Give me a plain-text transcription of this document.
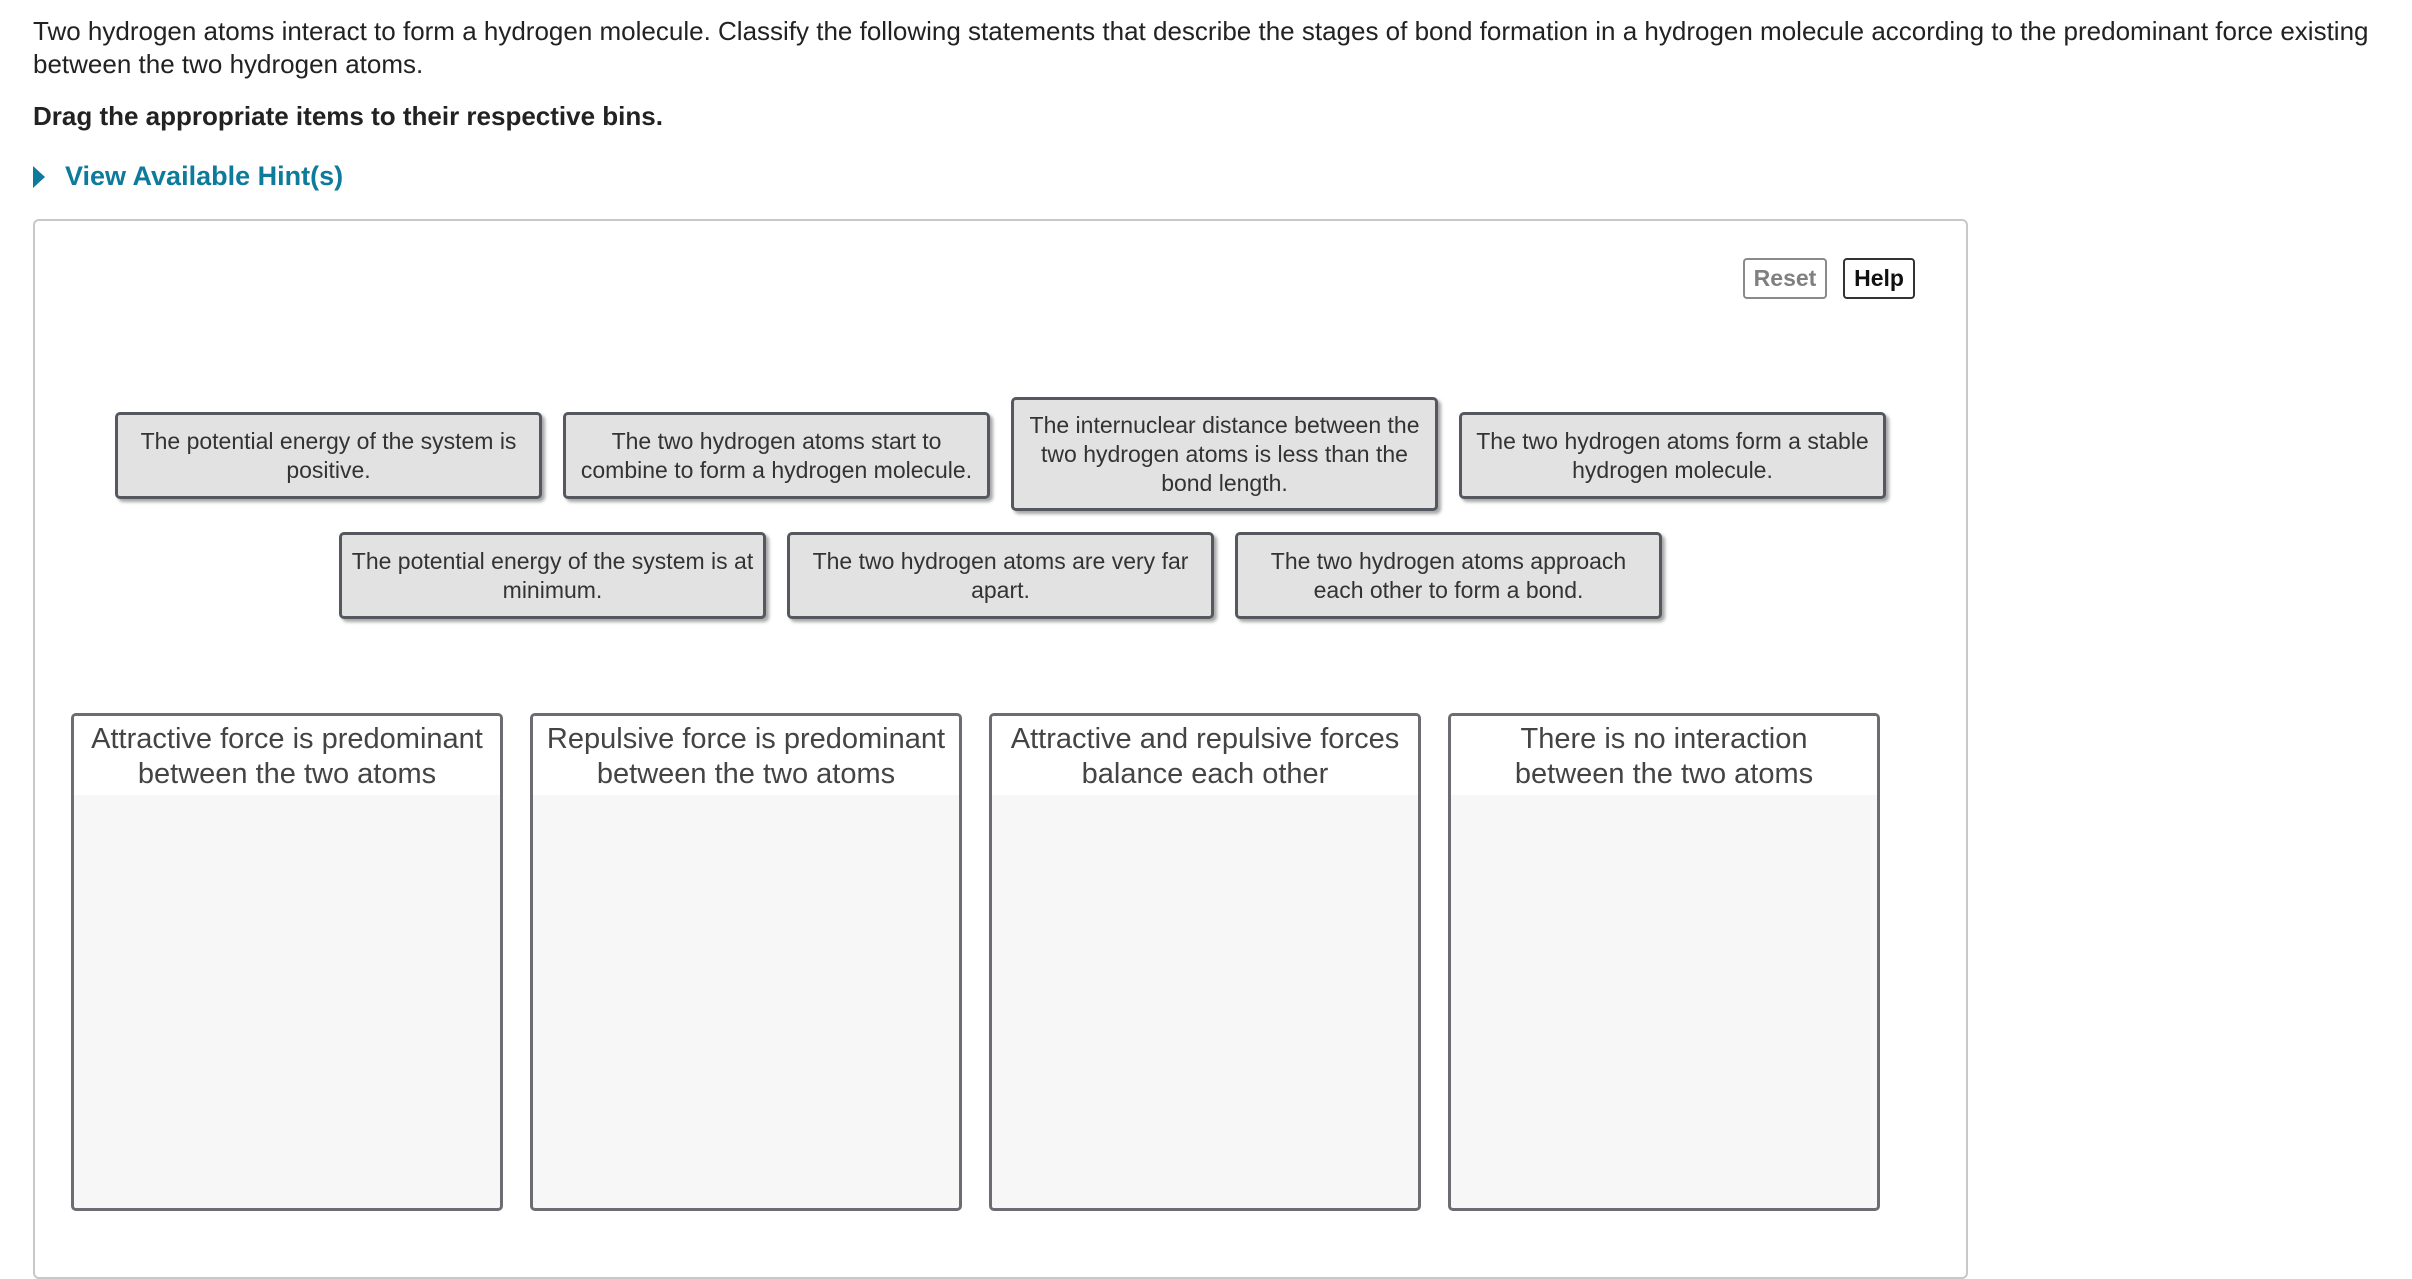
Two hydrogen atoms interact to form a hydrogen molecule. Classify the following statements that describe the stages of bond formation in a hydrogen molecule according to the predominant force existing between the two hydrogen atoms.
Drag the appropriate items to their respective bins.
View Available Hint(s)
Reset	Help
The potential energy of the system is positive.
The two hydrogen atoms start to combine to form a hydrogen molecule.
The internuclear distance between the two hydrogen atoms is less than the bond length.
The two hydrogen atoms form a stable hydrogen molecule.
The potential energy of the system is at minimum.
The two hydrogen atoms are very far apart.
The two hydrogen atoms approach each other to form a bond.
Attractive force is predominant between the two atoms
Repulsive force is predominant between the two atoms
Attractive and repulsive forces balance each other
There is no interaction between the two atoms
